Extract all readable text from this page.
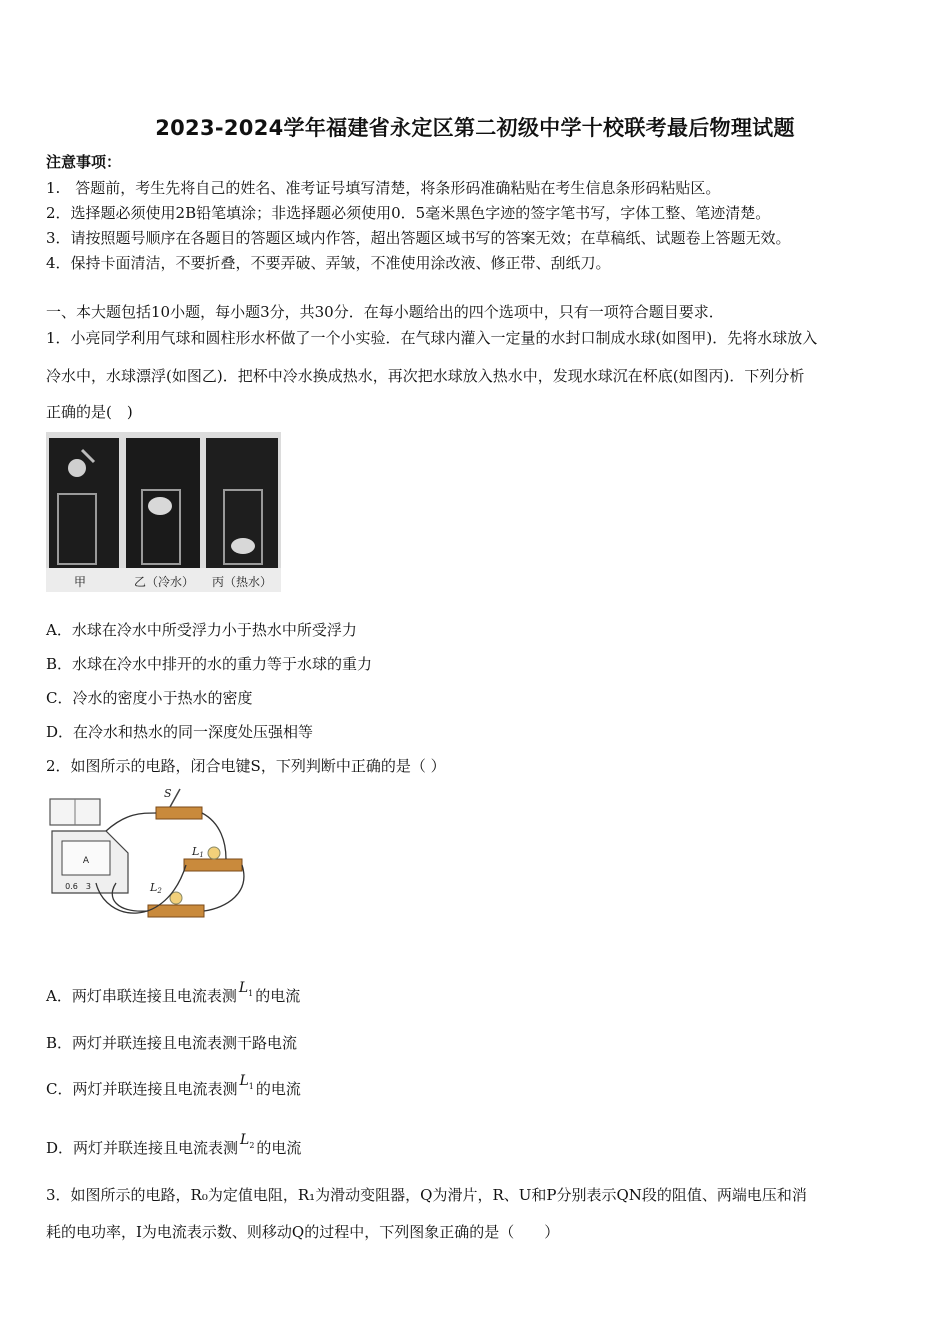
2023-2024学年福建省永定区第二初级中学十校联考最后物理试题
注意事项：
1.　答题前，考生先将自己的姓名、准考证号填写清楚，将条形码准确粘贴在考生信息条形码粘贴区。
2．选择题必须使用2B铅笔填涂；非选择题必须使用0．5毫米黑色字迹的签字笔书写，字体工整、笔迹清楚。
3．请按照题号顺序在各题目的答题区域内作答，超出答题区域书写的答案无效；在草稿纸、试题卷上答题无效。
4．保持卡面清洁，不要折叠，不要弄破、弄皱，不准使用涂改液、修正带、刮纸刀。
一、本大题包括10小题，每小题3分，共30分．在每小题给出的四个选项中，只有一项符合题目要求．
1．小亮同学利用气球和圆柱形水杯做了一个小实验．在气球内灌入一定量的水封口制成水球(如图甲)．先将水球放入
冷水中，水球漂浮(如图乙)．把杯中冷水换成热水，再次把水球放入热水中，发现水球沉在杯底(如图丙)．下列分析
正确的是(　)
甲	乙（冷水） 丙（热水）
A．水球在冷水中所受浮力小于热水中所受浮力
B．水球在冷水中排开的水的重力等于水球的重力
C．冷水的密度小于热水的密度
D．在冷水和热水的同一深度处压强相等
2．如图所示的电路，闭合电键S，下列判断中正确的是（ ）
A
0.6　3
S
L1
L2
A．两灯串联连接且电流表测 $L_1$ 的电流
B．两灯并联连接且电流表测干路电流
C．两灯并联连接且电流表测 $L_1$ 的电流
D．两灯并联连接且电流表测 $L_2$ 的电流
3．如图所示的电路，R₀为定值电阻，R₁为滑动变阻器，Q为滑片，R、U和P分别表示QN段的阻值、两端电压和消
耗的电功率，I为电流表示数、则移动Q的过程中，下列图象正确的是（　　）
